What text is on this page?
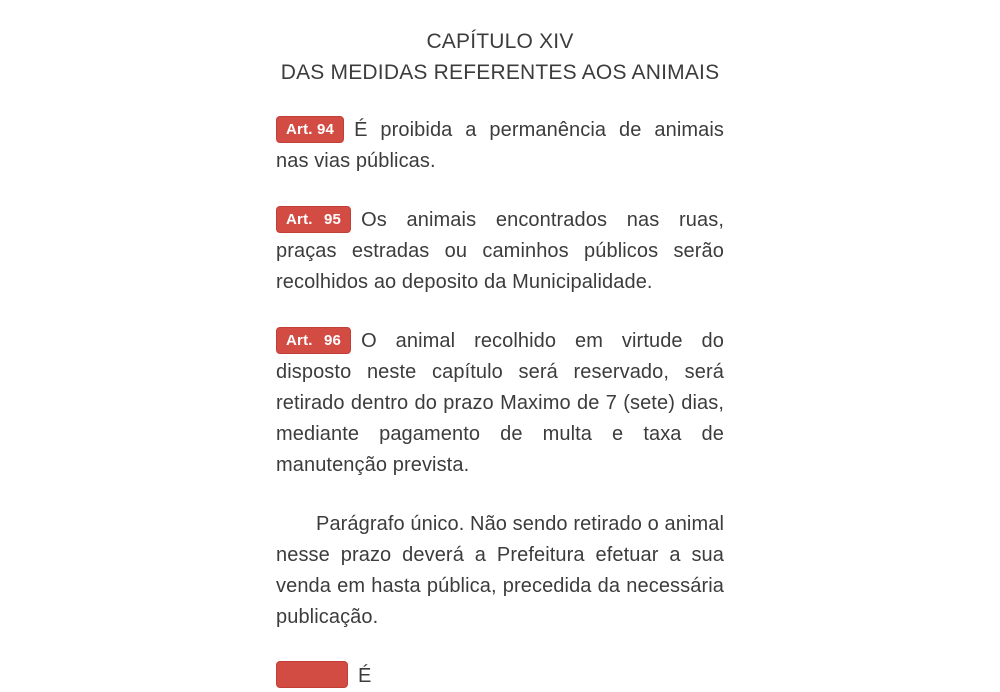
CAPÍTULO XIV
DAS MEDIDAS REFERENTES AOS ANIMAIS

Art. 94 É proibida a permanência de animais nas vias públicas.

Art. 95 Os animais encontrados nas ruas, praças estradas ou caminhos públicos serão recolhidos ao deposito da Municipalidade.

Art. 96 O animal recolhido em virtude do disposto neste capítulo será reservado, será retirado dentro do prazo Maximo de 7 (sete) dias, mediante pagamento de multa e taxa de manutenção prevista.

Parágrafo único. Não sendo retirado o animal nesse prazo deverá a Prefeitura efetuar a sua venda em hasta pública, precedida da necessária publicação.

É
